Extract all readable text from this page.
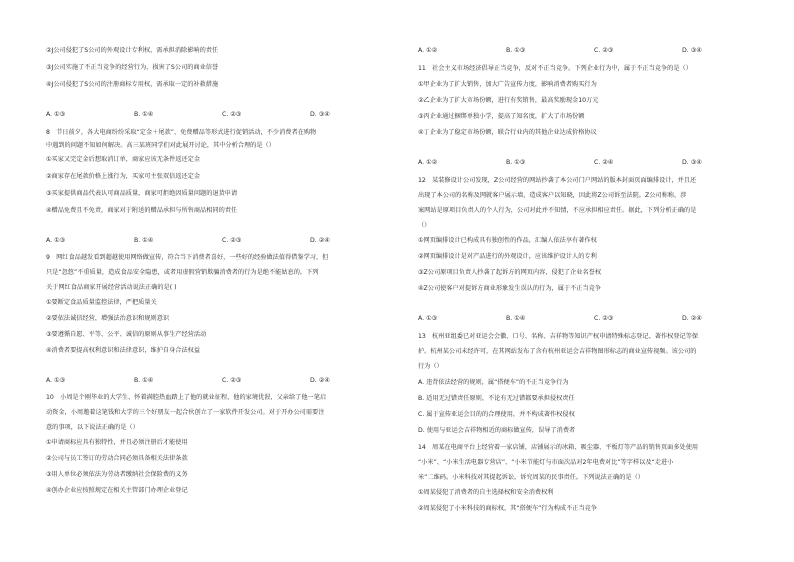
②J公司侵犯了S公司的外观设计专利权，需承担消除影响的责任
③J公司实施了不正当竞争的经营行为，损害了S公司的商业信誉
④J公司侵犯了S公司的注册商标专用权，需承取一定的补救措施
A. ①③	B. ①④	C. ②③	D. ③④
8　节日前夕，各大电商纷纷采取“定金＋尾款”、免费赠品等形式进行促销活动，不少消费者在购物
中遇到的问题不知如何解决。高三某班同学们对此展开讨论，其中分析合理的是（）
①买家又完定金后想取消订单，商家应该无条件返还定金
②商家存在尾款价格上涨行为，买家可主张双倍返还定金
③买家提供商品代表认可商品质量，商家可拒绝因质量问题的退货申请
④赠品免费且不免责，商家对于附送的赠品承担与所售商品相同的责任
A. ①③	B. ①④	C. ②③	D. ②④
9　网红食品越发看到超越使用网络做宣传，符合当下消费者喜好，一些好的经验做法值得借鉴学习，但
只是“忽悠”不重质量，造成食品安全隐患，或者用虚假营销欺骗消费者的行为是绝不能姑息的。下列
关于网红食品商家开展经营活动说法正确的是( )
①要断定食品质量监控法律，严把质量关
②要依法诚信经营，增强法治意识和规则意识
③要遵循自愿、平等、公平、诚信的原则从事生产经营活动
④消费者要提高权利意识和法律意识，维护自身合法权益
A. ①③	B. ①④	C. ②③	D. ②④
10　小周是个刚毕业的大学生，怀着满腔热血踏上了他的就业征程，他的家境优渥，父亲给了他一笔启
动资金，小周邀着这笔钱和大学的三个好朋友一起合伙创立了一家软件开发公司。对于开办公司需要注
意的事项，以下说法正确的是（）
①申请商标应具有独特性，并且必须注册后才能使用
②公司与员工签订的劳动合同必须具备相关法律条款
③用人单位必须依法为劳动者缴纳社会保险费的义务
④创办企业应按照规定在相关主管部门办理企业登记
A. ①②	B. ①③	C. ②③	D. ③④
11　社会主义市场经济倡导正当竞争，反对不正当竞争。下列企业行为中，属于不正当竞争的是（）
①甲企业为了扩大销售，加大广告宣传力度，影响消费者购买行为
②乙企业为了扩大市场份额，进行有奖销售，最高奖励现金10万元
③丙企业通过捆绑单独小学，提高了知名度，扩大了市场份额
④丁企业为了稳定市场份额，联合行业内的其他企业达成价格协议
A. ①②	B. ①③	C. ②④	D. ③④
12　某装修设计公司发现，Z公司经营的网站抄袭了本公司门户网站的版本封面页面编排设计，并且还
出现了本公司的名称及网就客户展示墙，造成客户以知晓，因此将Z公司诉至法院。Z公司称称，涉
案网站是原项目负责人的个人行为，公司对此并不知情，不应承担相应责任。据此，下列分析正确的是
（）
①网页编排设计已构成具有独创性的作品，汇编人依法享有著作权
②网页编排设计是对产品进行的外观设计，应该维护设计人的专利
③Z公司原项目负责人抄袭了起诉方的网页内容，侵犯了企业名誉权
④Z公司使客户对提诉方商业形象发生误认的行为，属于不正当竞争
A. ①③	B. ①④	C. ②③	D. ②④
13　杭州亚组委已对亚运会会徽、口号、名称、吉祥物等知识产权申请特殊标志登记、著作权登记等保
护。杭州某公司未经许可，在其网站发布了含有杭州亚运会吉祥物图形标志的商业宣传视频。该公司的
行为（）
A. 违背依法经营的规则，属“搭便车”的不正当竞争行为
B. 适用无过错责任原则，不论有无过错都要承担侵权责任
C. 属于宣传亚运会目的的合理使用，并不构成著作权侵权
D. 使用与亚运会吉祥物相近的商标做宣传，误导了消费者
14　周某在电商平台上经营着一家店铺，店铺展示的冰箱、吸尘器、平板灯等产品的销售页面多处使用
“小米”、“小米生活电器专营店”、“小米节能灯与市面次品对2年电费对比”等字样以及“走进小
米”二维码。小米科技对其提起诉讼，诉究周某的民事责任。下列说法正确的是（）
①周某侵犯了消费者的自主选择权和安全消费权利
②周某侵犯了小米科技的商标权，其“搭便车”行为构成不正当竞争
